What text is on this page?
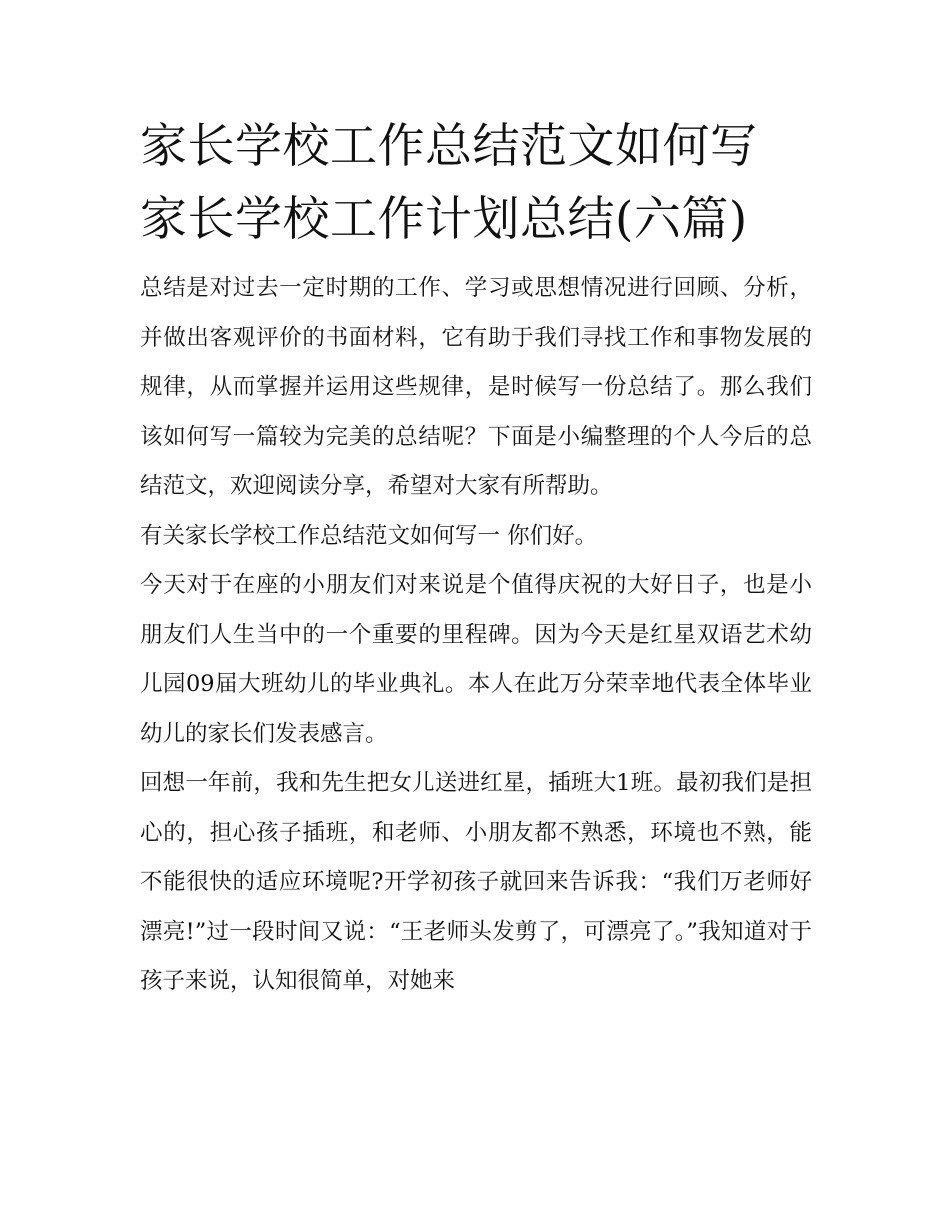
家长学校工作总结范文如何写
家长学校工作计划总结(六篇)

总结是对过去一定时期的工作、学习或思想情况进行回顾、分析，并做出客观评价的书面材料，它有助于我们寻找工作和事物发展的规律，从而掌握并运用这些规律，是时候写一份总结了。那么我们该如何写一篇较为完美的总结呢？下面是小编整理的个人今后的总结范文，欢迎阅读分享，希望对大家有所帮助。

有关家长学校工作总结范文如何写一 你们好。

今天对于在座的小朋友们对来说是个值得庆祝的大好日子，也是小朋友们人生当中的一个重要的里程碑。因为今天是红星双语艺术幼儿园09届大班幼儿的毕业典礼。本人在此万分荣幸地代表全体毕业幼儿的家长们发表感言。

回想一年前，我和先生把女儿送进红星，插班大1班。最初我们是担心的，担心孩子插班，和老师、小朋友都不熟悉，环境也不熟，能不能很快的适应环境呢?开学初孩子就回来告诉我：“我们万老师好漂亮!”过一段时间又说：“王老师头发剪了，可漂亮了。”我知道对于孩子来说，认知很简单，对她来
